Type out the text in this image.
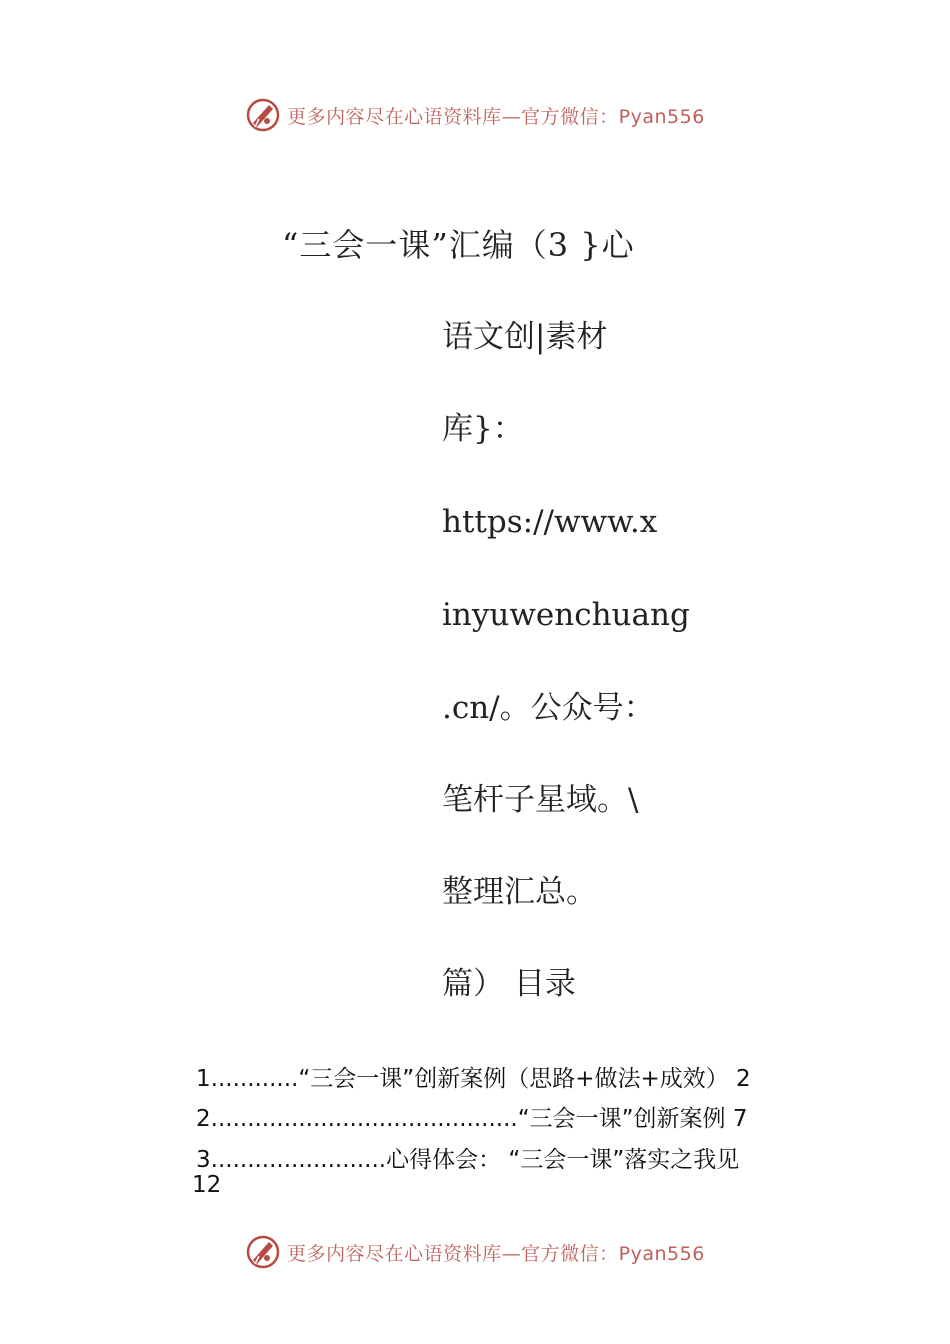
更多内容尽在心语资料库—官方微信：Pyan556
“三会一课”汇编（3 }心
语文创|素材
库}：
https://www.x
inyuwenchuang
.cn/。公众号：
笔杆子星域。\
整理汇总。
篇） 目录
1............“三会一课”创新案例（思路+做法+成效） 2
2..........................................“三会一课”创新案例 7
3........................心得体会： “三会一课”落实之我见
12
更多内容尽在心语资料库—官方微信：Pyan556
